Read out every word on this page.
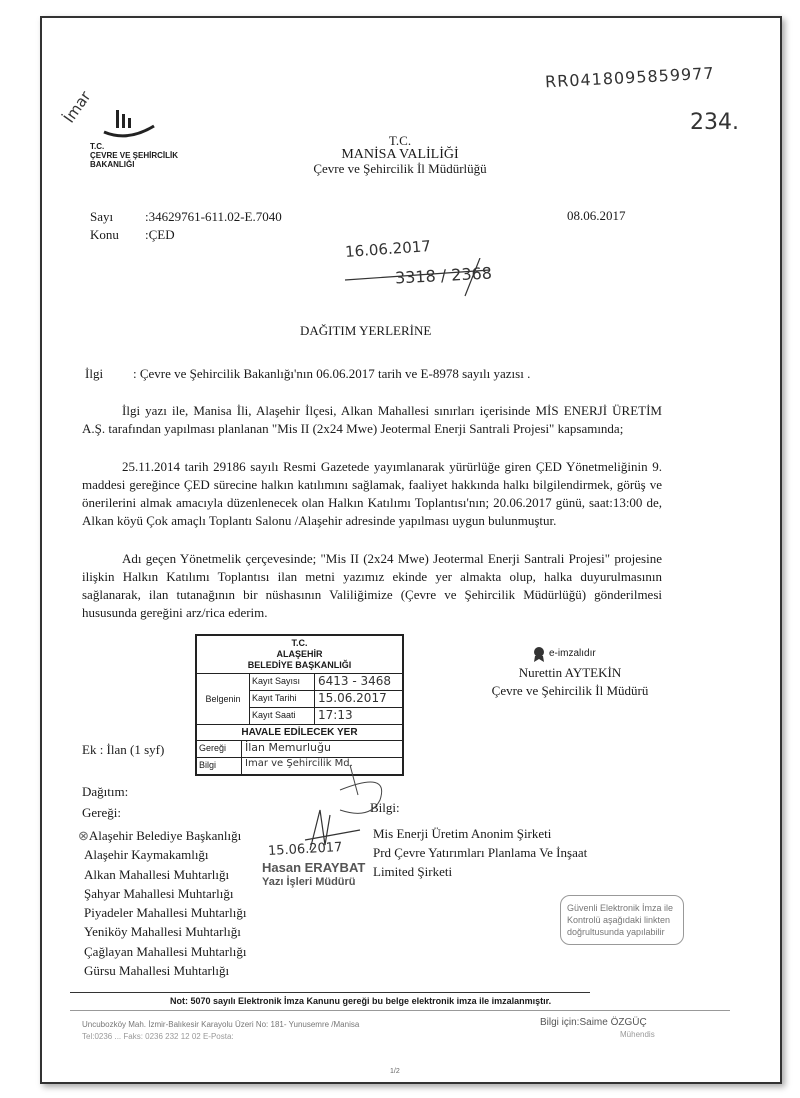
RR0418095859977
234.
İmar
16.06.2017
3318 / 2368
T.C.
ÇEVRE VE ŞEHİRCİLİK
BAKANLIĞI
T.C.
MANİSA VALİLİĞİ
Çevre ve Şehircilik İl Müdürlüğü
Sayı :34629761-611.02-E.7040
Konu :ÇED
08.06.2017
DAĞITIM YERLERİNE
İlgi : Çevre ve Şehircilik Bakanlığı'nın 06.06.2017 tarih ve E-8978 sayılı yazısı .
İlgi yazı ile, Manisa İli, Alaşehir İlçesi, Alkan Mahallesi sınırları içerisinde MİS ENERJİ ÜRETİM A.Ş. tarafından yapılması planlanan "Mis II (2x24 Mwe) Jeotermal Enerji Santrali Projesi" kapsamında;
25.11.2014 tarih 29186 sayılı Resmi Gazetede yayımlanarak yürürlüğe giren ÇED Yönetmeliğinin 9. maddesi gereğince ÇED sürecine halkın katılımını sağlamak, faaliyet hakkında halkı bilgilendirmek, görüş ve önerilerini almak amacıyla düzenlenecek olan Halkın Katılımı Toplantısı'nın; 20.06.2017 günü, saat:13:00 de, Alkan köyü Çok amaçlı Toplantı Salonu /Alaşehir adresinde yapılması uygun bulunmuştur.
Adı geçen Yönetmelik çerçevesinde; "Mis II (2x24 Mwe) Jeotermal Enerji Santrali Projesi" projesine ilişkin Halkın Katılımı Toplantısı ilan metni yazımız ekinde yer almakta olup, halka duyurulmasının sağlanarak, ilan tutanağının bir nüshasının Valiliğimize (Çevre ve Şehircilik Müdürlüğü) gönderilmesi hususunda gereğini arz/rica ederim.
e-imzalıdır
Nurettin AYTEKİN
Çevre ve Şehircilik İl Müdürü
T.C.
ALAŞEHİR
BELEDİYE BAŞKANLIĞI
Belgenin
Kayıt Sayısı	6413 - 3468
Kayıt Tarihi	15.06.2017
Kayıt Saati	17:13
HAVALE EDİLECEK YER
Gereği	İlan Memurluğu
Bilgi	İmar ve Şehircilik Md.
Ek : İlan (1 syf)
Dağıtım:
Gereği:	Bilgi:
⊗Alaşehir Belediye Başkanlığı
Alaşehir Kaymakamlığı
Alkan Mahallesi Muhtarlığı
Şahyar Mahallesi Muhtarlığı
Piyadeler Mahallesi Muhtarlığı
Yeniköy Mahallesi Muhtarlığı
Çağlayan Mahallesi Muhtarlığı
Gürsu Mahallesi Muhtarlığı
Mis Enerji Üretim Anonim Şirketi
Prd Çevre Yatırımları Planlama Ve İnşaat
Limited Şirketi
15.06.2017
Hasan ERAYBAT
Yazı İşleri Müdürü
Güvenli Elektronik İmza ile
Kontrolü aşağıdaki linkten
doğrultusunda yapılabilir
Not: 5070 sayılı Elektronik İmza Kanunu gereği bu belge elektronik imza ile imzalanmıştır.
Uncubozköy Mah. İzmir-Balıkesir Karayolu Üzeri No: 181- Yunusemre /Manisa
Tel:0236 ... Faks: 0236 232 12 02 E-Posta:
Bilgi için:Saime ÖZGÜÇ
Mühendis
1/2
